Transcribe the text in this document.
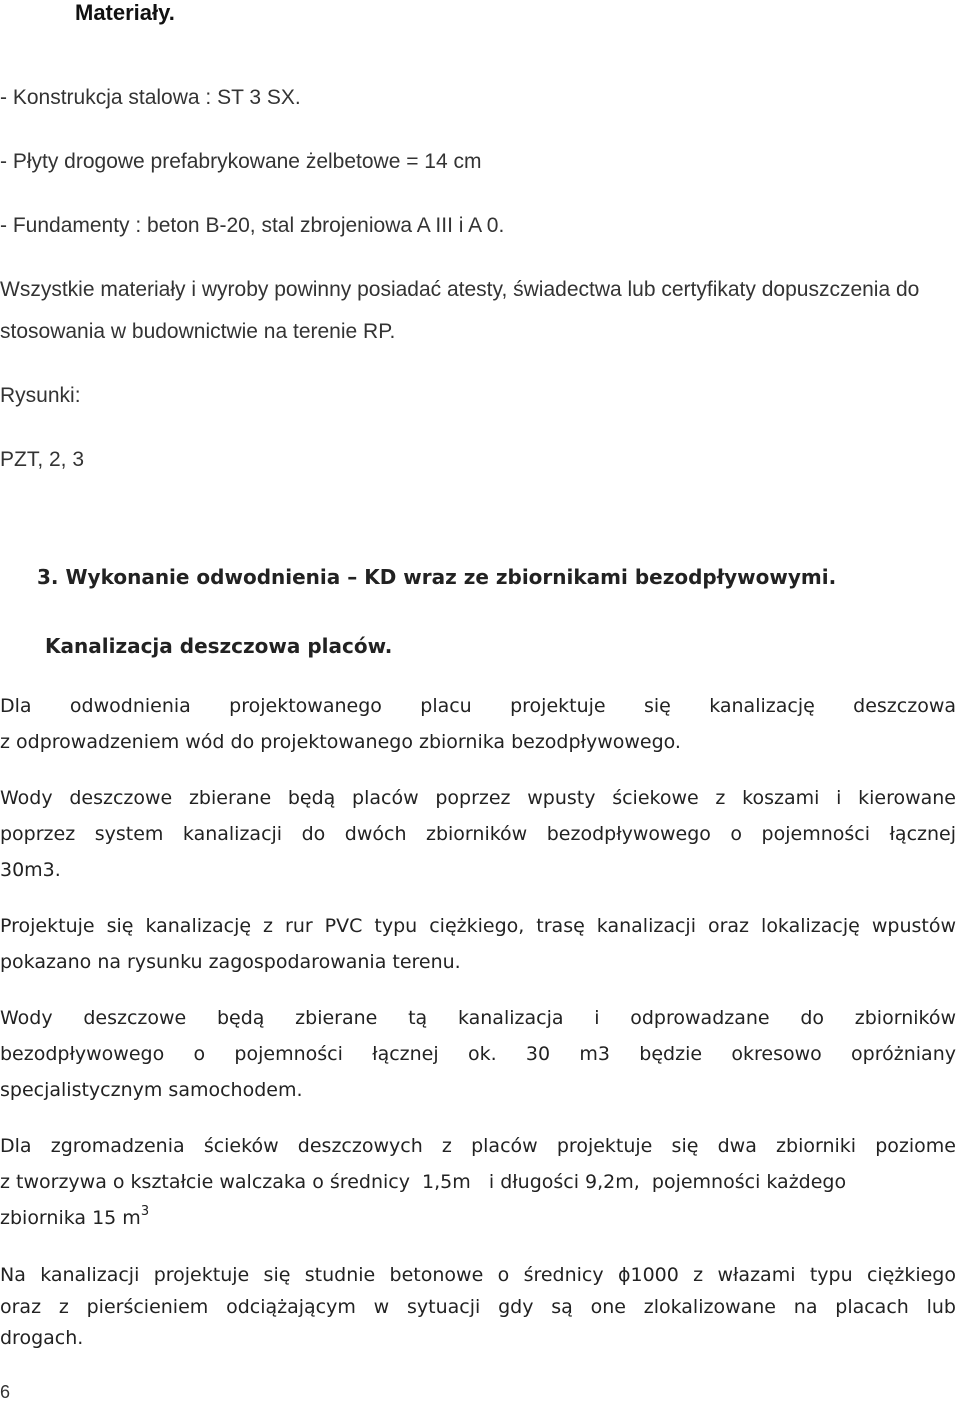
Materiały.
- Konstrukcja stalowa : ST 3 SX.
- Płyty drogowe prefabrykowane żelbetowe = 14 cm
- Fundamenty : beton B-20, stal zbrojeniowa A III i A 0.
Wszystkie materiały i wyroby powinny posiadać atesty, świadectwa lub certyfikaty dopuszczenia do
stosowania w budownictwie na terenie RP.
Rysunki:
PZT, 2, 3
3. Wykonanie odwodnienia – KD wraz ze zbiornikami bezodpływowymi.
Kanalizacja deszczowa placów.
Dla odwodnienia projektowanego placu projektuje się kanalizację deszczowa
z odprowadzeniem wód do projektowanego zbiornika bezodpływowego.
Wody deszczowe zbierane będą placów poprzez wpusty ściekowe z koszami i kierowane
poprzez system kanalizacji do dwóch zbiorników bezodpływowego o pojemności łącznej
30m3.
Projektuje się kanalizację z rur PVC typu ciężkiego, trasę kanalizacji oraz lokalizację wpustów
pokazano na rysunku zagospodarowania terenu.
Wody deszczowe będą zbierane tą kanalizacja i odprowadzane do zbiorników
bezodpływowego o pojemności łącznej ok. 30 m3 będzie okresowo opróżniany
specjalistycznym samochodem.
Dla zgromadzenia ścieków deszczowych z placów projektuje się dwa zbiorniki poziome
z tworzywa o kształcie walczaka o średnicy  1,5m   i długości 9,2m,  pojemności każdego
zbiornika 15 $m^3$
Na kanalizacji projektuje się studnie betonowe o średnicy ϕ1000 z włazami typu ciężkiego
oraz z pierścieniem odciążającym w sytuacji gdy są one zlokalizowane na placach lub
drogach.
6
